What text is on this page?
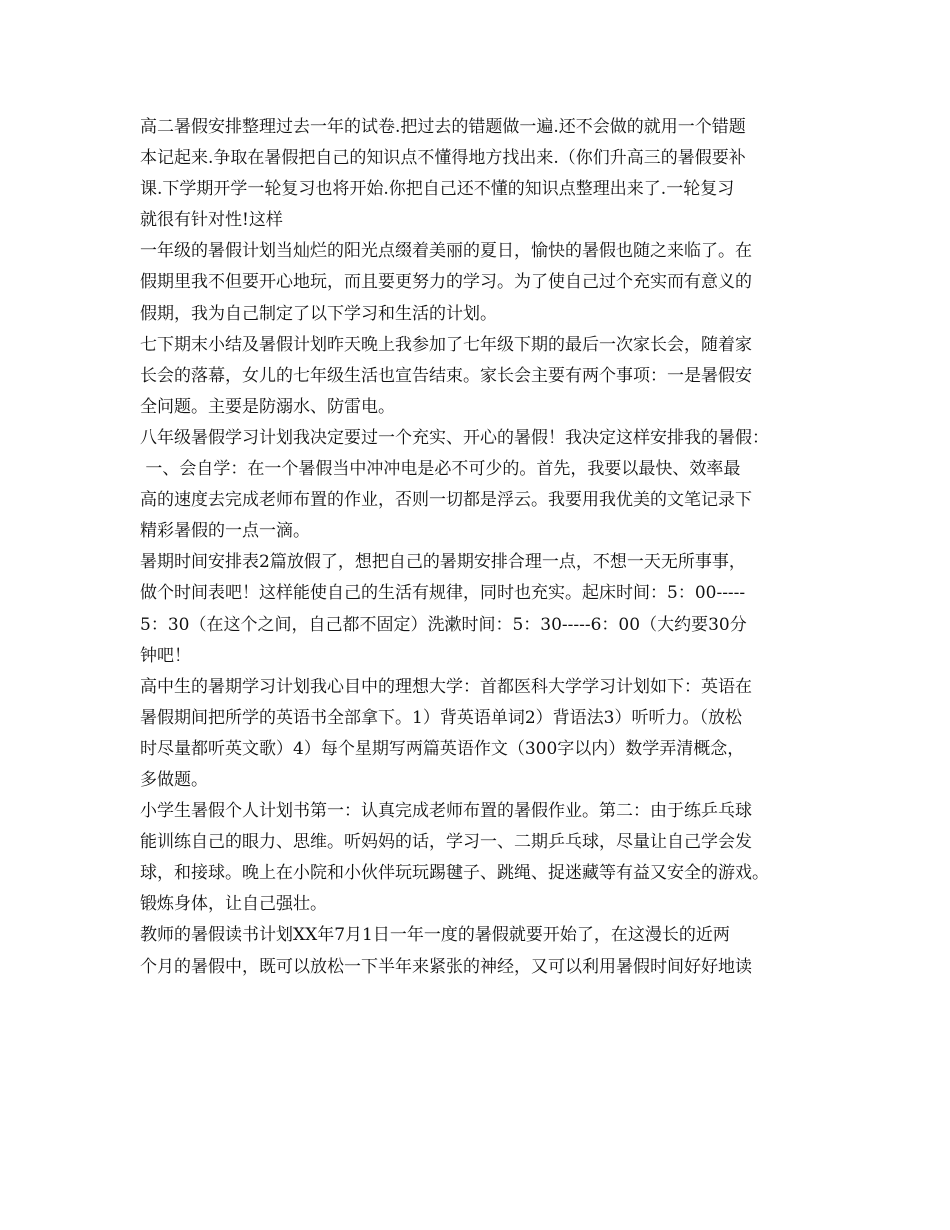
高二暑假安排整理过去一年的试卷.把过去的错题做一遍.还不会做的就用一个错题
本记起来.争取在暑假把自己的知识点不懂得地方找出来.（你们升高三的暑假要补
课.下学期开学一轮复习也将开始.你把自己还不懂的知识点整理出来了.一轮复习
就很有针对性!这样
一年级的暑假计划当灿烂的阳光点缀着美丽的夏日，愉快的暑假也随之来临了。在
假期里我不但要开心地玩，而且要更努力的学习。为了使自己过个充实而有意义的
假期，我为自己制定了以下学习和生活的计划。
七下期末小结及暑假计划昨天晚上我参加了七年级下期的最后一次家长会，随着家
长会的落幕，女儿的七年级生活也宣告结束。家长会主要有两个事项：一是暑假安
全问题。主要是防溺水、防雷电。
八年级暑假学习计划我决定要过一个充实、开心的暑假！我决定这样安排我的暑假：
一、会自学：在一个暑假当中冲冲电是必不可少的。首先，我要以最快、效率最
高的速度去完成老师布置的作业，否则一切都是浮云。我要用我优美的文笔记录下
精彩暑假的一点一滴。
暑期时间安排表2篇放假了，想把自己的暑期安排合理一点，不想一天无所事事，
做个时间表吧！这样能使自己的生活有规律，同时也充实。起床时间：5：00-----
5：30（在这个之间，自己都不固定）洗漱时间：5：30-----6：00（大约要30分
钟吧！
高中生的暑期学习计划我心目中的理想大学：首都医科大学学习计划如下：英语在
暑假期间把所学的英语书全部拿下。1）背英语单词2）背语法3）听听力。（放松
时尽量都听英文歌）4）每个星期写两篇英语作文（300字以内）数学弄清概念，
多做题。
小学生暑假个人计划书第一：认真完成老师布置的暑假作业。第二：由于练乒乓球
能训练自己的眼力、思维。听妈妈的话，学习一、二期乒乓球，尽量让自己学会发
球，和接球。晚上在小院和小伙伴玩玩踢毽子、跳绳、捉迷藏等有益又安全的游戏。
锻炼身体，让自己强壮。
教师的暑假读书计划XX年7月1日一年一度的暑假就要开始了，在这漫长的近两
个月的暑假中，既可以放松一下半年来紧张的神经，又可以利用暑假时间好好地读
